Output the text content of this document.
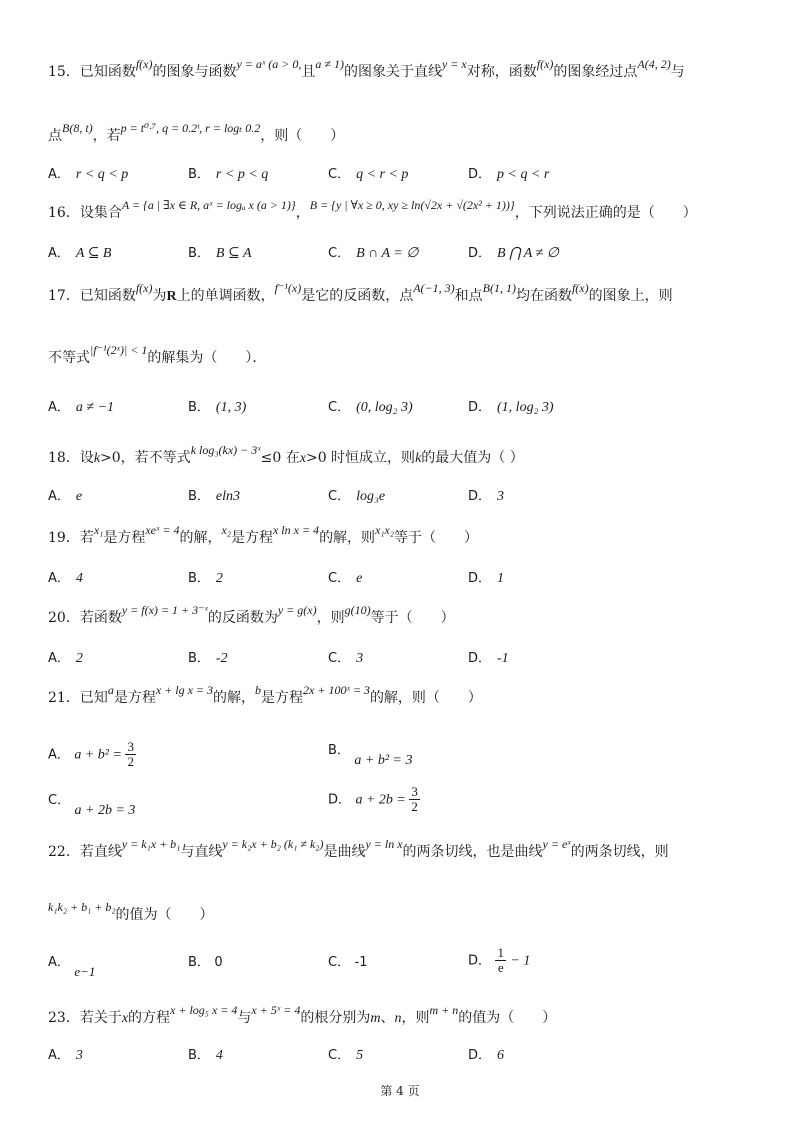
15．已知函数f(x)的图象与函数y = aˣ (a > 0,且a ≠ 1)的图象关于直线y = x对称，函数f(x)的图象经过点A(4, 2)与
点B(8, t)，若p = t⁰·⁷, q = 0.2ᵗ, r = logₜ 0.2，则（　　）
A． r < q < p	B． r < p < q	C． q < r < p	D． p < q < r
16．设集合A = {a | ∃x ∈ R, aˣ = logₐ x (a > 1)}，B = {y | ∀x ≥ 0, xy ≥ ln(√2x + √(2x² + 1))}，下列说法正确的是（　　）
A． A ⊆ B	B． B ⊆ A	C． B ∩ A = ∅	D． B ⋂ A ≠ ∅
17．已知函数f(x)为R上的单调函数，f⁻¹(x)是它的反函数，点A(−1, 3)和点B(1, 1)均在函数f(x)的图象上，则
不等式|f⁻¹(2ˣ)| < 1的解集为（　　）．
A． a ≠ −1	B． (1, 3)	C． (0, log₂ 3)	D． (1, log₂ 3)
18．设k>0，若不等式k log₃(kx) − 3ˣ≤0 在x>0 时恒成立，则k的最大值为（ ）
A． e	B． eln3	C． log₃e	D． 3
19．若x₁是方程xeˣ = 4的解，x₂是方程x ln x = 4的解，则x₁x₂等于（　　）
A． 4	B． 2	C． e	D． 1
20．若函数y = f(x) = 1 + 3⁻ˣ的反函数为y = g(x)，则g(10)等于（　　）
A． 2	B． -2	C． 3	D． -1
21．已知a是方程x + lg x = 3的解，b是方程2x + 100ˣ = 3的解，则（　　）
22．若直线y = k₁x + b₁与直线y = k₂x + b₂ (k₁ ≠ k₂)是曲线y = ln x的两条切线，也是曲线y = eˣ的两条切线，则
k₁k₂ + b₁ + b₂的值为（　　）
23．若关于x的方程x + log₅ x = 4与x + 5ˣ = 4的根分别为m、n，则m + n的值为（　　）
A． 3	B． 4	C． 5	D． 6
A． $a + b^2 = \frac{3}{2}$	B． a + b² = 3
C． a + 2b = 3
D． $a + 2b = \frac{3}{2}$
A． e−1
B． 0	C． -1	D． $\frac{1}{e} - 1$
第 4 页
